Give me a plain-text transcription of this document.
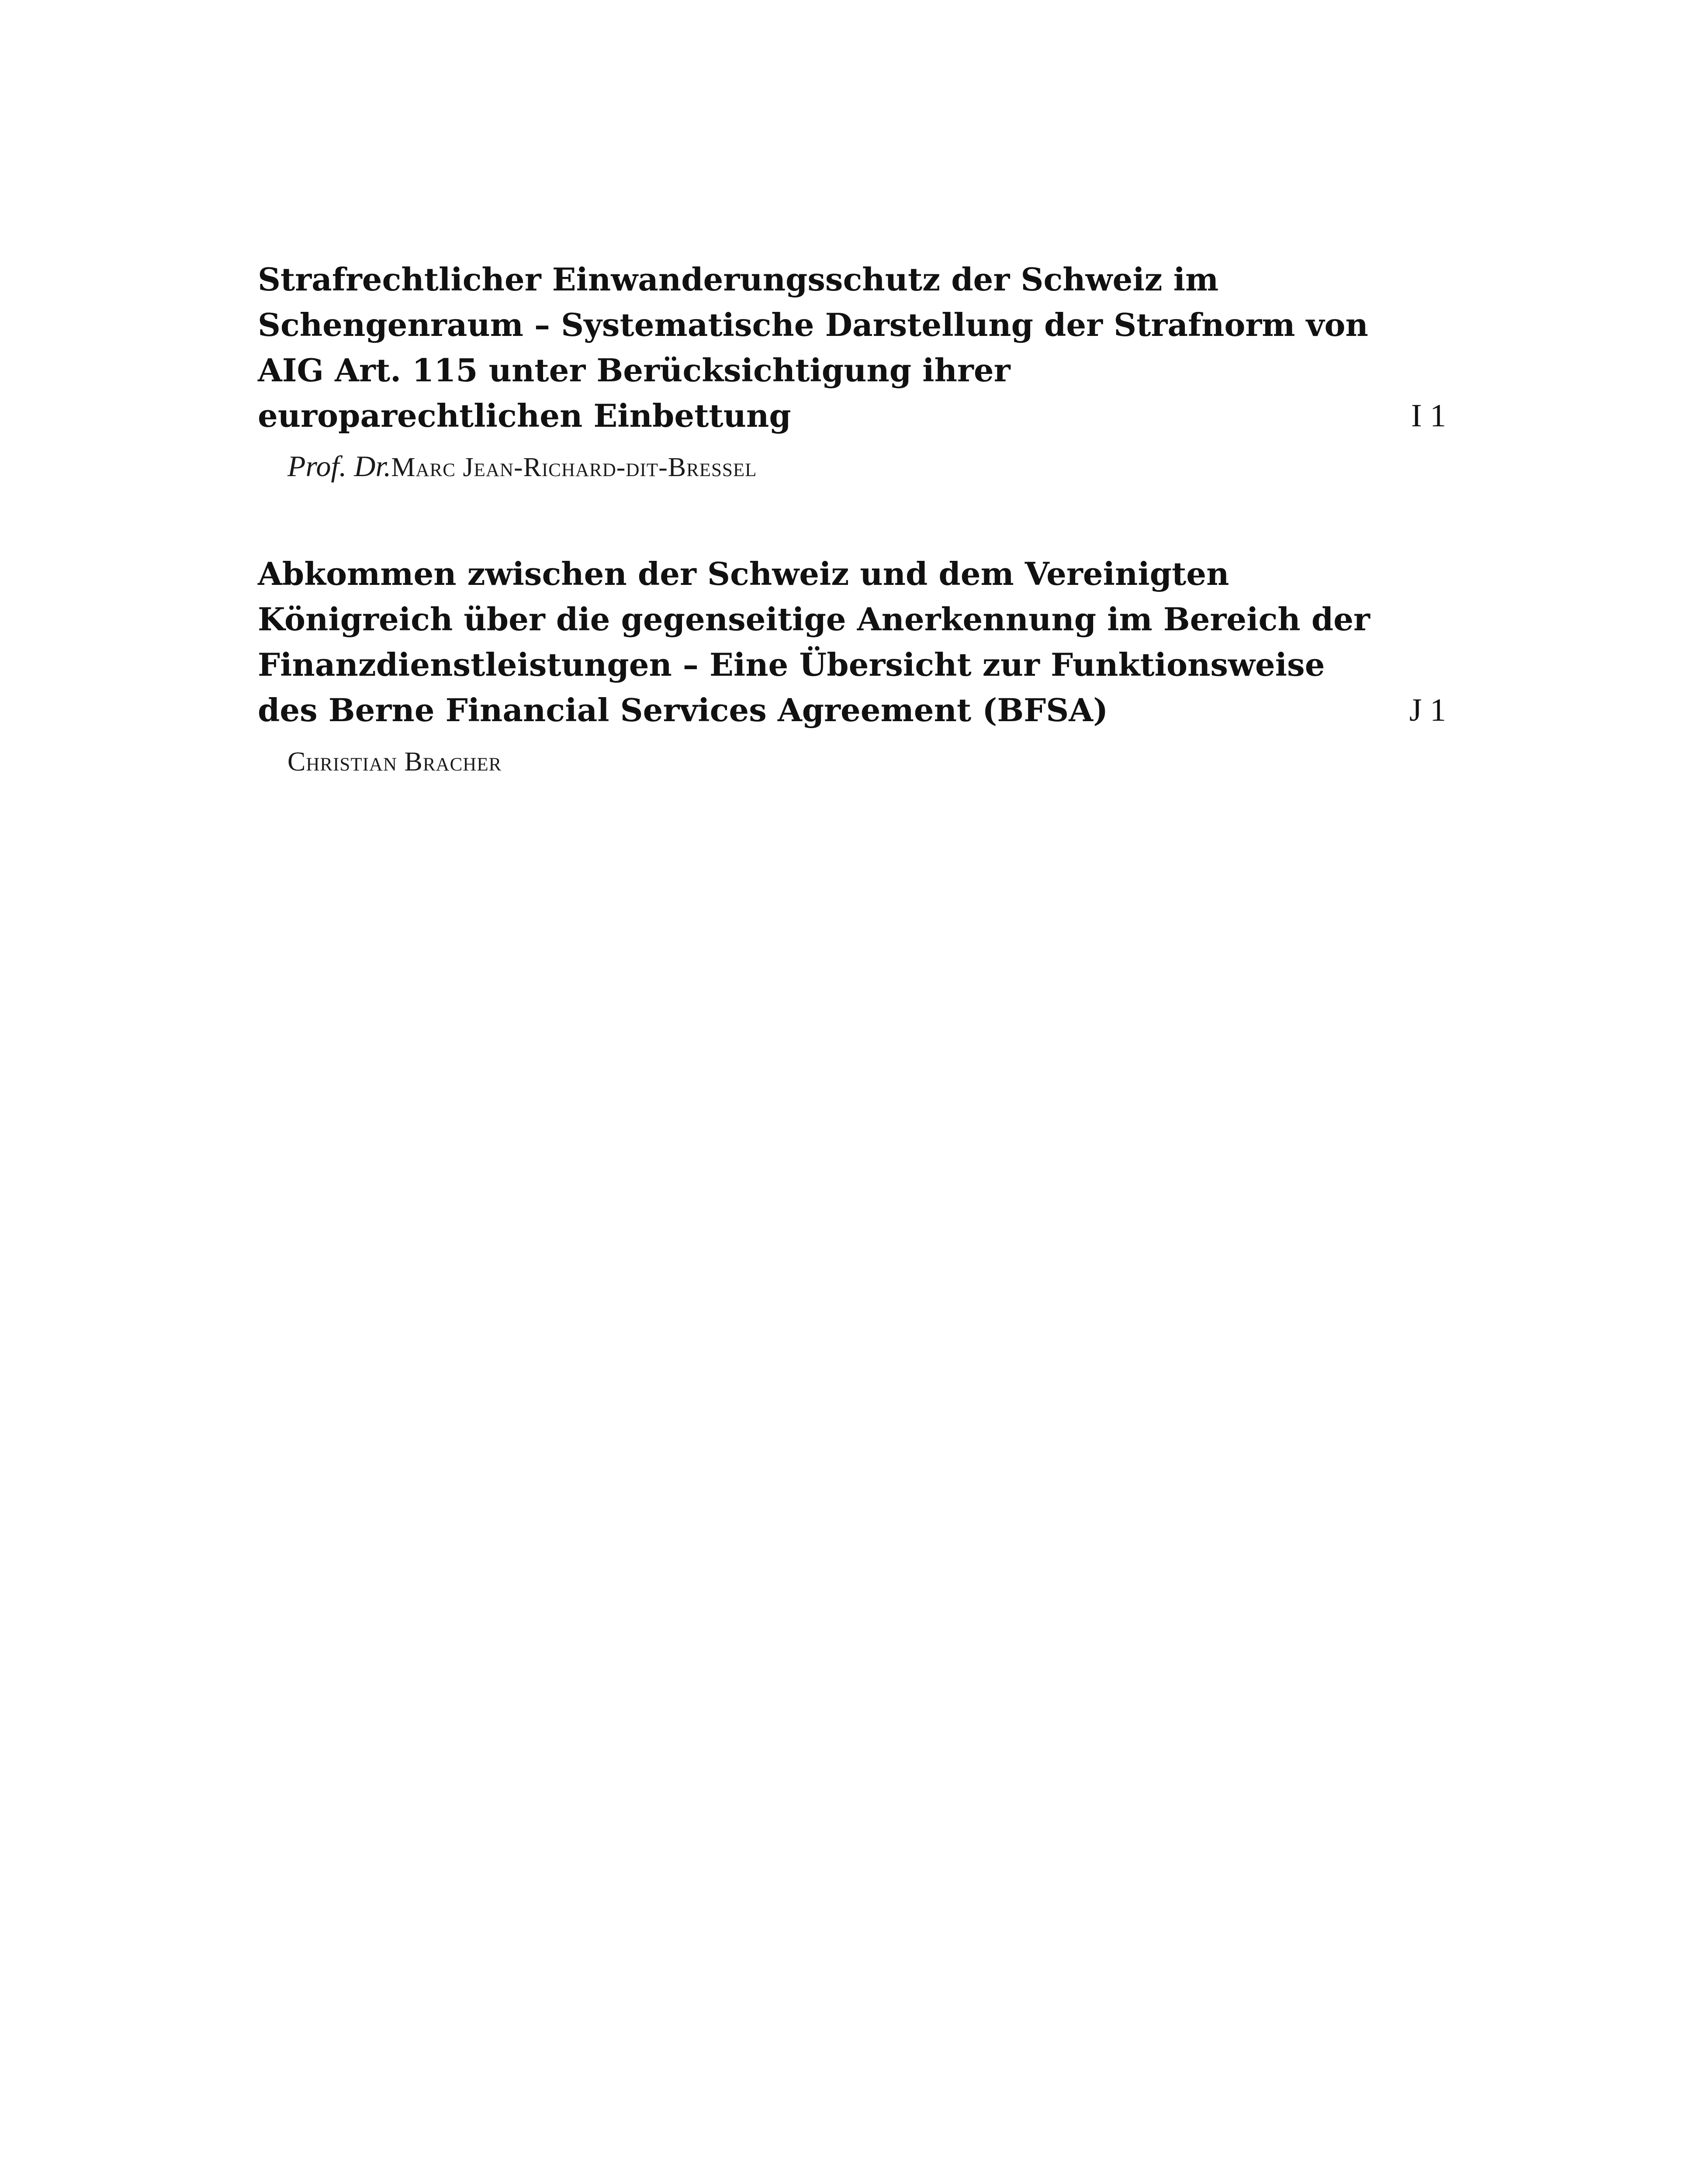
Strafrechtlicher Einwanderungsschutz der Schweiz im
Schengenraum – Systematische Darstellung der Strafnorm von
AIG Art. 115 unter Berücksichtigung ihrer
europarechtlichen Einbettung	I 1
Prof. Dr.Marc Jean-Richard-dit-Bressel
Abkommen zwischen der Schweiz und dem Vereinigten
Königreich über die gegenseitige Anerkennung im Bereich der
Finanzdienstleistungen – Eine Übersicht zur Funktionsweise
des Berne Financial Services Agreement (BFSA)	J 1
Christian Bracher
